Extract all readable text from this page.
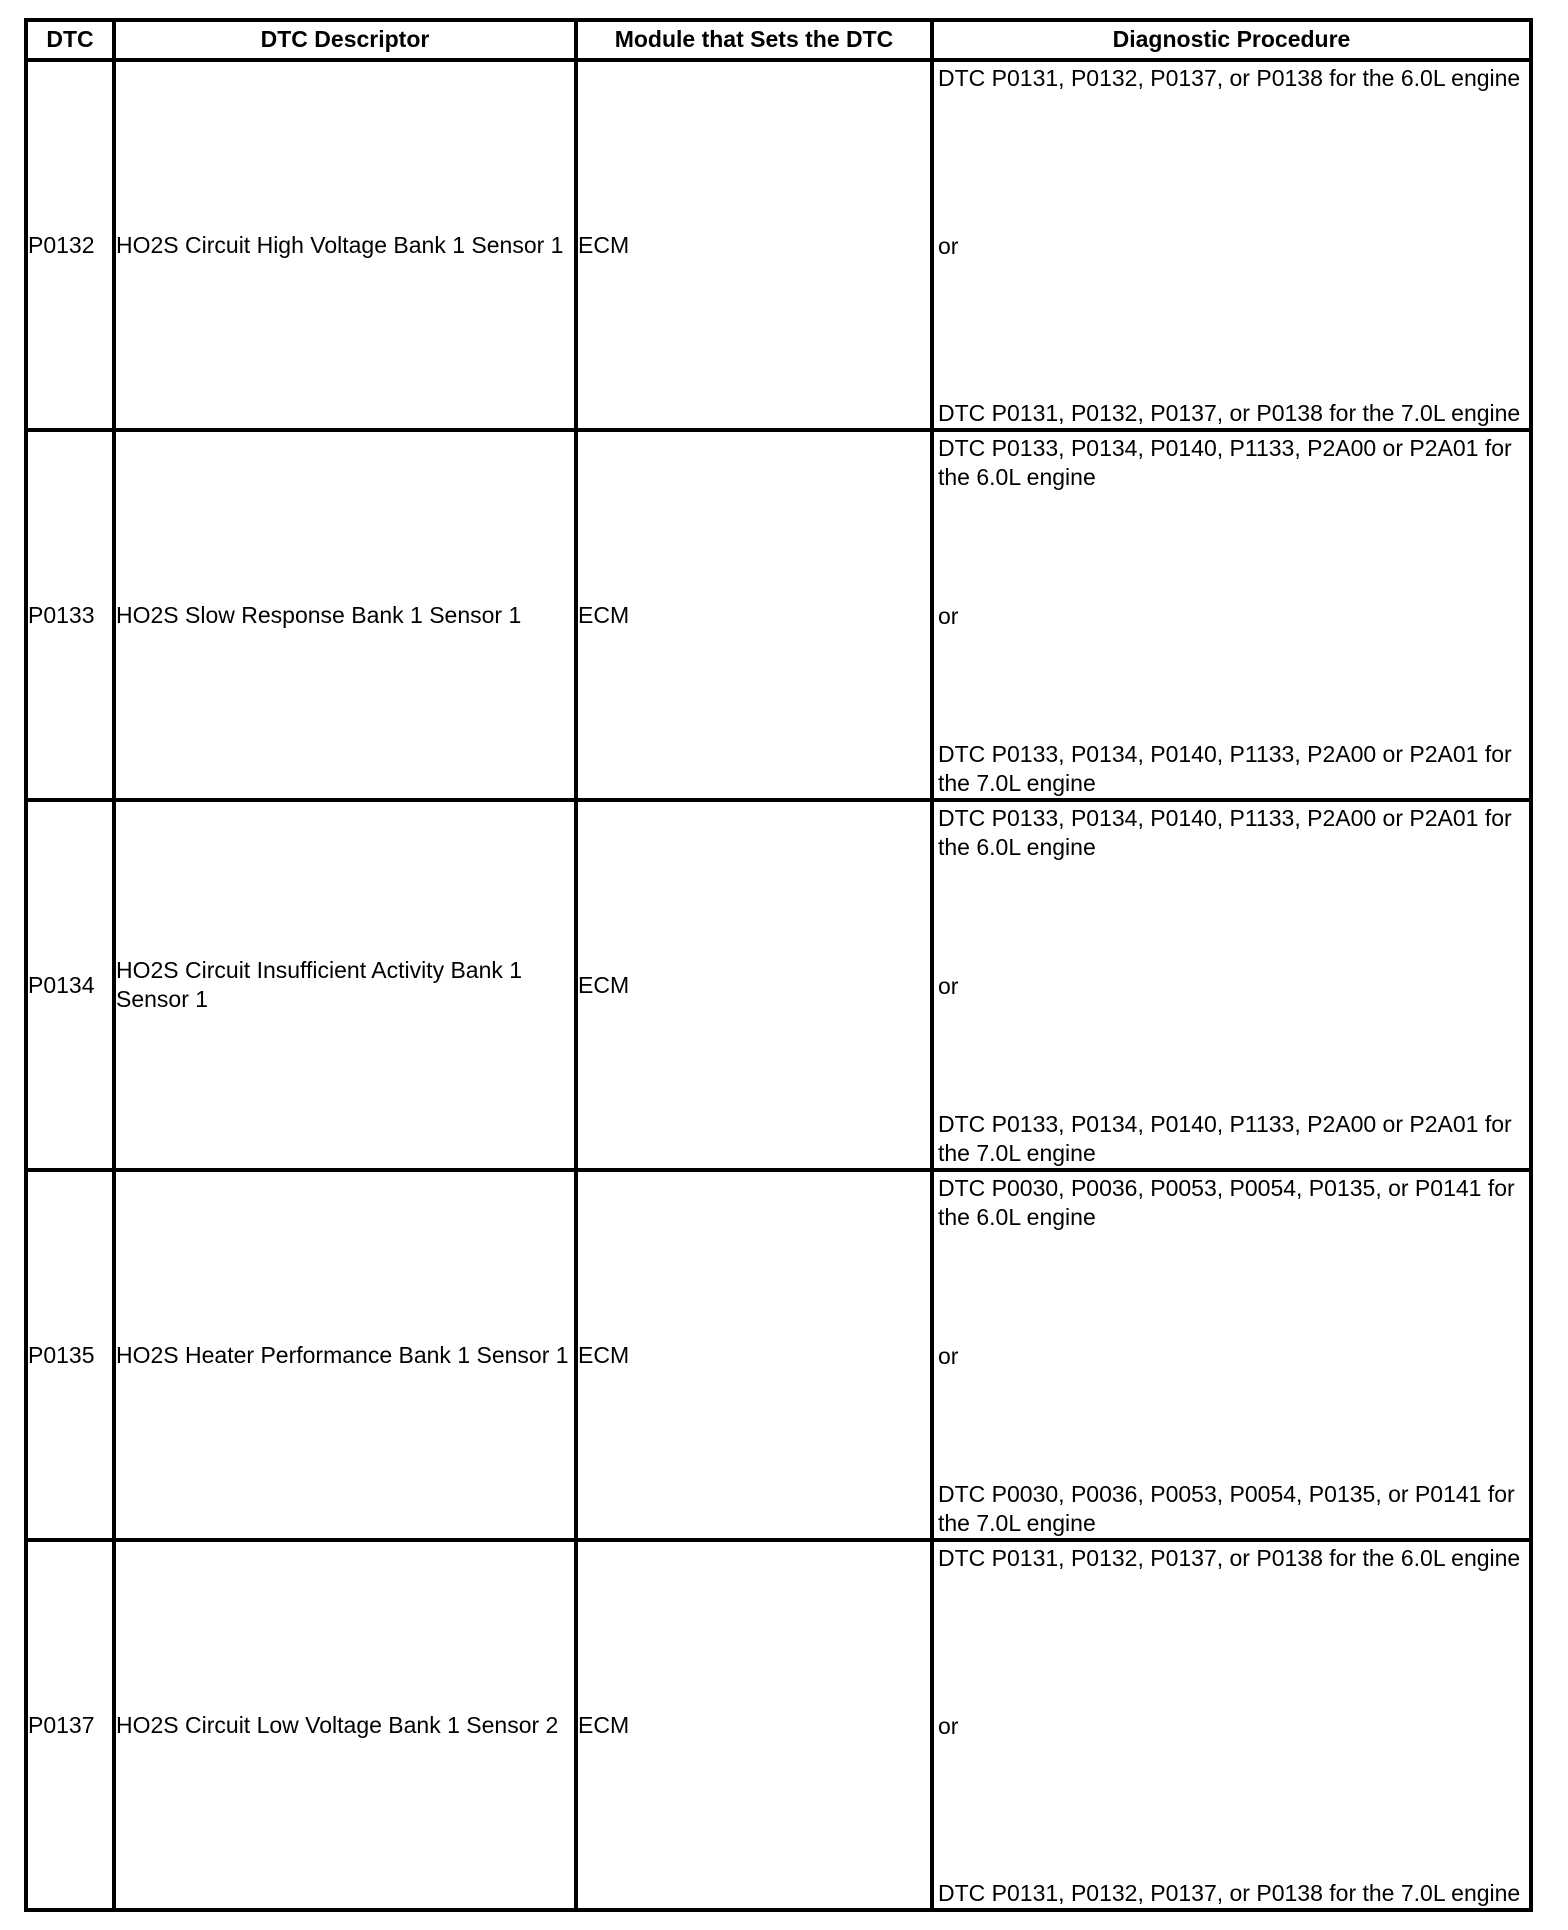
DTC	DTC Descriptor	Module that Sets the DTC	Diagnostic Procedure
P0132	HO2S Circuit High Voltage Bank 1 Sensor 1	ECM	DTC P0131, P0132, P0137, or P0138 for the 6.0L engine
or
DTC P0131, P0132, P0137, or P0138 for the 7.0L engine

P0133	HO2S Slow Response Bank 1 Sensor 1	ECM	DTC P0133, P0134, P0140, P1133, P2A00 or P2A01 for the 6.0L engine
or
DTC P0133, P0134, P0140, P1133, P2A00 or P2A01 for the 7.0L engine

P0134	HO2S Circuit Insufficient Activity Bank 1 Sensor 1	ECM	DTC P0133, P0134, P0140, P1133, P2A00 or P2A01 for the 6.0L engine
or
DTC P0133, P0134, P0140, P1133, P2A00 or P2A01 for the 7.0L engine

P0135	HO2S Heater Performance Bank 1 Sensor 1	ECM	DTC P0030, P0036, P0053, P0054, P0135, or P0141 for the 6.0L engine
or
DTC P0030, P0036, P0053, P0054, P0135, or P0141 for the 7.0L engine

P0137	HO2S Circuit Low Voltage Bank 1 Sensor 2	ECM	DTC P0131, P0132, P0137, or P0138 for the 6.0L engine
or
DTC P0131, P0132, P0137, or P0138 for the 7.0L engine
